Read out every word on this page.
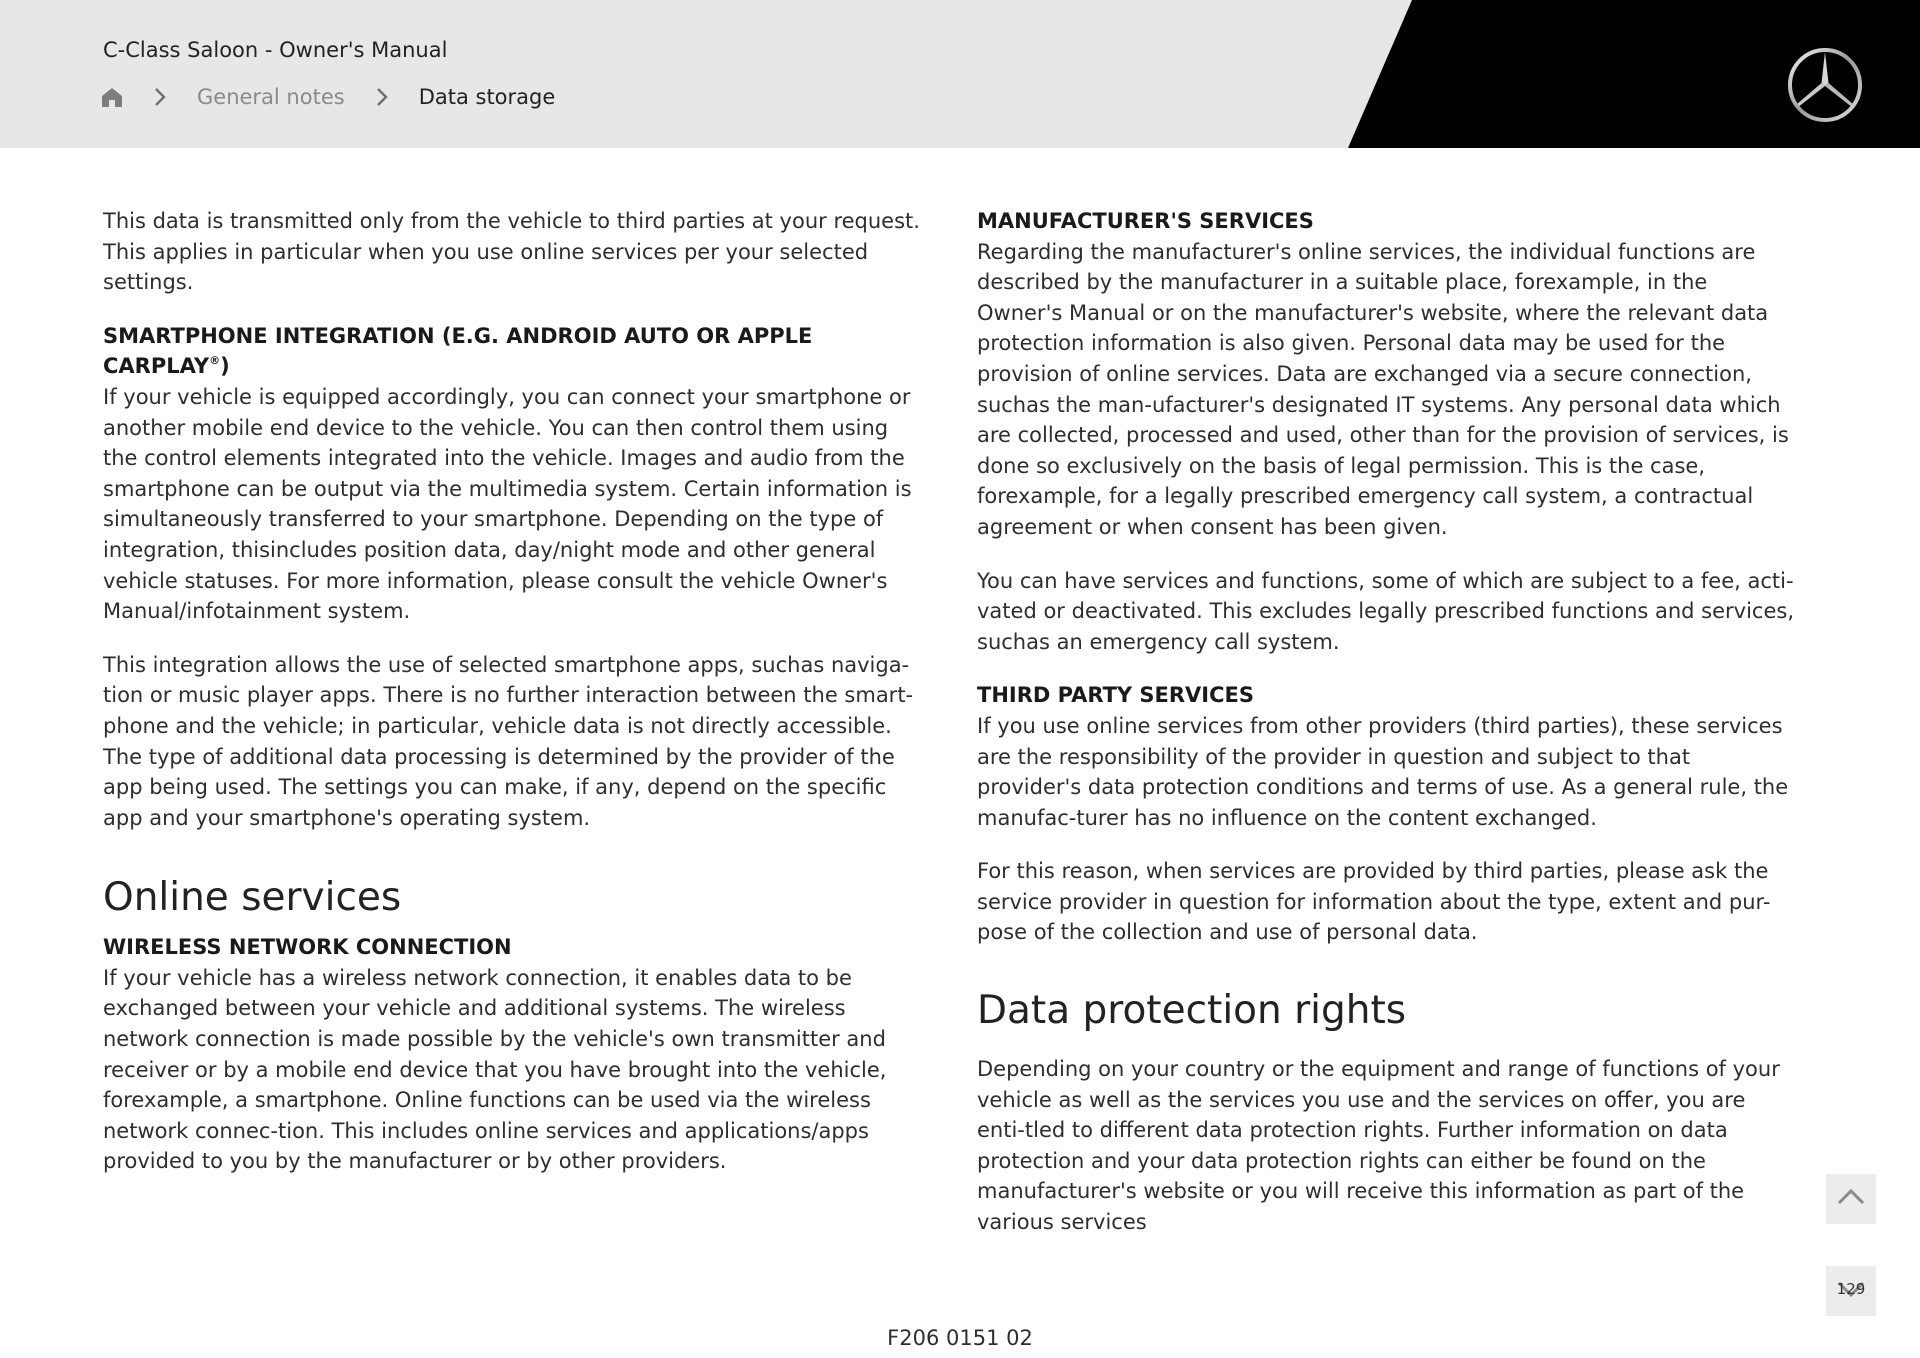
C-Class Saloon - Owner's Manual
General notes	Data storage

This data is transmitted only from the vehicle to third parties at your request. This applies in particular when you use online services per your selected settings.

SMARTPHONE INTEGRATION (E.G. ANDROID AUTO OR APPLE CARPLAY®)
If your vehicle is equipped accordingly, you can connect your smartphone or another mobile end device to the vehicle. You can then control them using the control elements integrated into the vehicle. Images and audio from the smartphone can be output via the multimedia system. Certain information is simultaneously transferred to your smartphone. Depending on the type of integration, thisincludes position data, day/night mode and other general vehicle statuses. For more information, please consult the vehicle Owner's Manual/infotainment system.

This integration allows the use of selected smartphone apps, suchas naviga-tion or music player apps. There is no further interaction between the smart-phone and the vehicle; in particular, vehicle data is not directly accessible. The type of additional data processing is determined by the provider of the app being used. The settings you can make, if any, depend on the specific app and your smartphone's operating system.

Online services

WIRELESS NETWORK CONNECTION
If your vehicle has a wireless network connection, it enables data to be exchanged between your vehicle and additional systems. The wireless network connection is made possible by the vehicle's own transmitter and receiver or by a mobile end device that you have brought into the vehicle, forexample, a smartphone. Online functions can be used via the wireless network connec-tion. This includes online services and applications/apps provided to you by the manufacturer or by other providers.

MANUFACTURER'S SERVICES
Regarding the manufacturer's online services, the individual functions are described by the manufacturer in a suitable place, forexample, in the Owner's Manual or on the manufacturer's website, where the relevant data protection information is also given. Personal data may be used for the provision of online services. Data are exchanged via a secure connection, suchas the man-ufacturer's designated IT systems. Any personal data which are collected, processed and used, other than for the provision of services, is done so exclusively on the basis of legal permission. This is the case, forexample, for a legally prescribed emergency call system, a contractual agreement or when consent has been given.

You can have services and functions, some of which are subject to a fee, acti-vated or deactivated. This excludes legally prescribed functions and services, suchas an emergency call system.

THIRD PARTY SERVICES
If you use online services from other providers (third parties), these services are the responsibility of the provider in question and subject to that provider's data protection conditions and terms of use. As a general rule, the manufac-turer has no influence on the content exchanged.

For this reason, when services are provided by third parties, please ask the service provider in question for information about the type, extent and pur-pose of the collection and use of personal data.

Data protection rights

Depending on your country or the equipment and range of functions of your vehicle as well as the services you use and the services on offer, you are enti-tled to different data protection rights. Further information on data protection and your data protection rights can either be found on the manufacturer's website or you will receive this information as part of the various services

129
F206 0151 02
